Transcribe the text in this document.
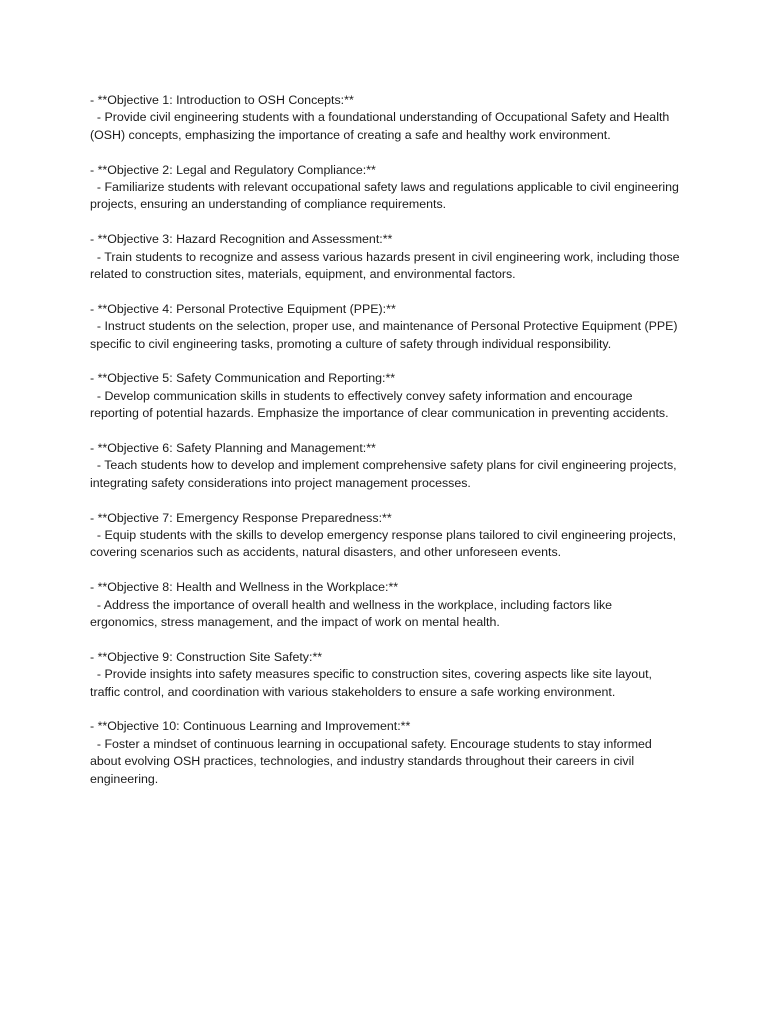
- **Objective 1: Introduction to OSH Concepts:**

- Provide civil engineering students with a foundational understanding of Occupational Safety and Health (OSH) concepts, emphasizing the importance of creating a safe and healthy work environment.

- **Objective 2: Legal and Regulatory Compliance:**

- Familiarize students with relevant occupational safety laws and regulations applicable to civil engineering projects, ensuring an understanding of compliance requirements.

- **Objective 3: Hazard Recognition and Assessment:**

- Train students to recognize and assess various hazards present in civil engineering work, including those related to construction sites, materials, equipment, and environmental factors.

- **Objective 4: Personal Protective Equipment (PPE):**

- Instruct students on the selection, proper use, and maintenance of Personal Protective Equipment (PPE) specific to civil engineering tasks, promoting a culture of safety through individual responsibility.

- **Objective 5: Safety Communication and Reporting:**

- Develop communication skills in students to effectively convey safety information and encourage reporting of potential hazards. Emphasize the importance of clear communication in preventing accidents.

- **Objective 6: Safety Planning and Management:**

- Teach students how to develop and implement comprehensive safety plans for civil engineering projects, integrating safety considerations into project management processes.

- **Objective 7: Emergency Response Preparedness:**

- Equip students with the skills to develop emergency response plans tailored to civil engineering projects, covering scenarios such as accidents, natural disasters, and other unforeseen events.

- **Objective 8: Health and Wellness in the Workplace:**

- Address the importance of overall health and wellness in the workplace, including factors like ergonomics, stress management, and the impact of work on mental health.

- **Objective 9: Construction Site Safety:**

- Provide insights into safety measures specific to construction sites, covering aspects like site layout, traffic control, and coordination with various stakeholders to ensure a safe working environment.

- **Objective 10: Continuous Learning and Improvement:**

- Foster a mindset of continuous learning in occupational safety. Encourage students to stay informed about evolving OSH practices, technologies, and industry standards throughout their careers in civil engineering.
